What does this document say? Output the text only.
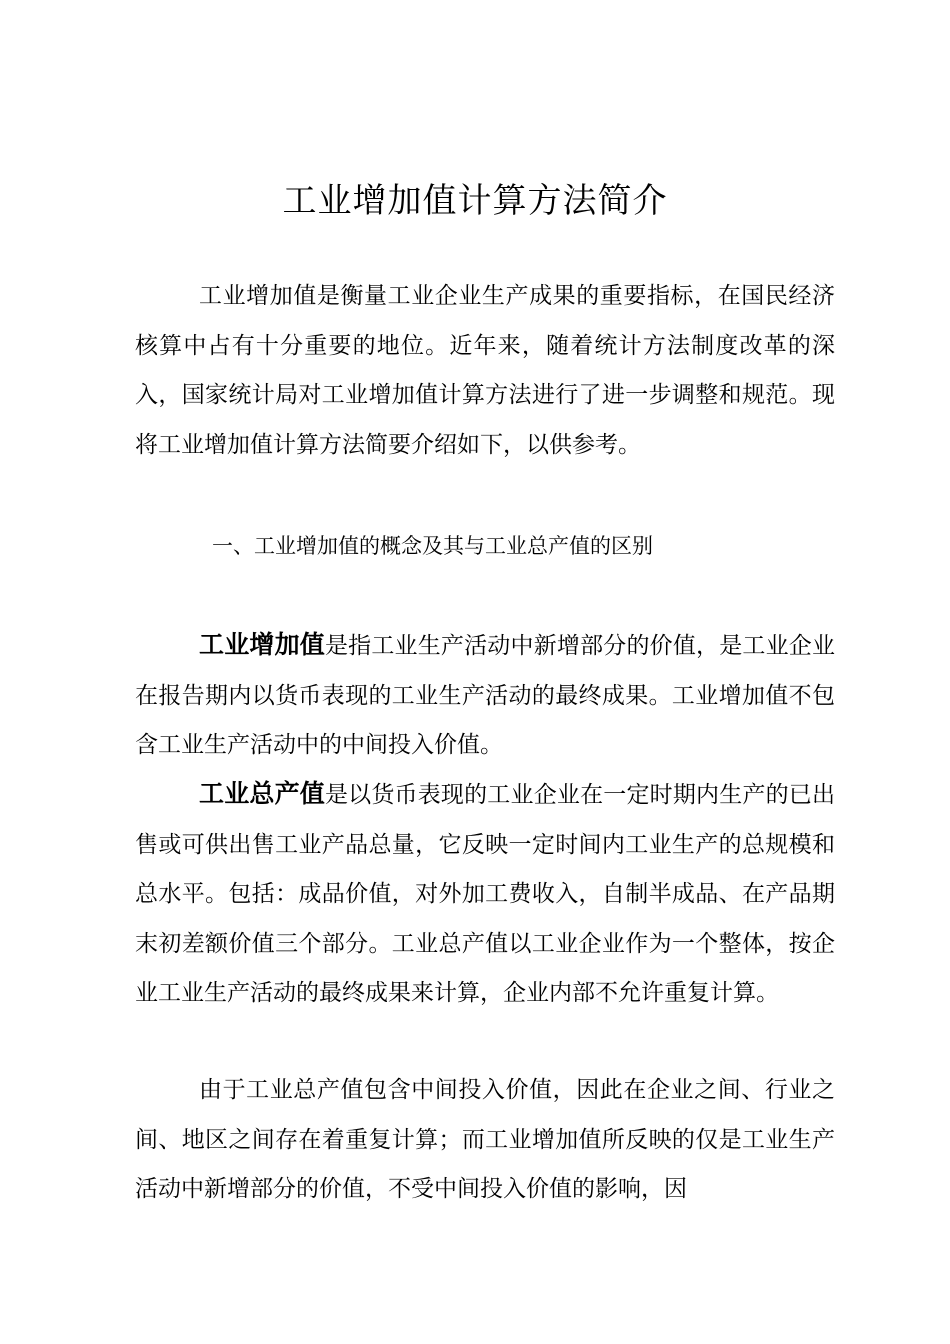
工业增加值计算方法简介

工业增加值是衡量工业企业生产成果的重要指标，在国民经济核算中占有十分重要的地位。近年来，随着统计方法制度改革的深入，国家统计局对工业增加值计算方法进行了进一步调整和规范。现将工业增加值计算方法简要介绍如下，以供参考。

一、工业增加值的概念及其与工业总产值的区别

工业增加值是指工业生产活动中新增部分的价值，是工业企业在报告期内以货币表现的工业生产活动的最终成果。工业增加值不包含工业生产活动中的中间投入价值。

工业总产值是以货币表现的工业企业在一定时期内生产的已出售或可供出售工业产品总量，它反映一定时间内工业生产的总规模和总水平。包括：成品价值，对外加工费收入，自制半成品、在产品期末初差额价值三个部分。工业总产值以工业企业作为一个整体，按企业工业生产活动的最终成果来计算，企业内部不允许重复计算。

由于工业总产值包含中间投入价值，因此在企业之间、行业之间、地区之间存在着重复计算；而工业增加值所反映的仅是工业生产活动中新增部分的价值，不受中间投入价值的影响，因
